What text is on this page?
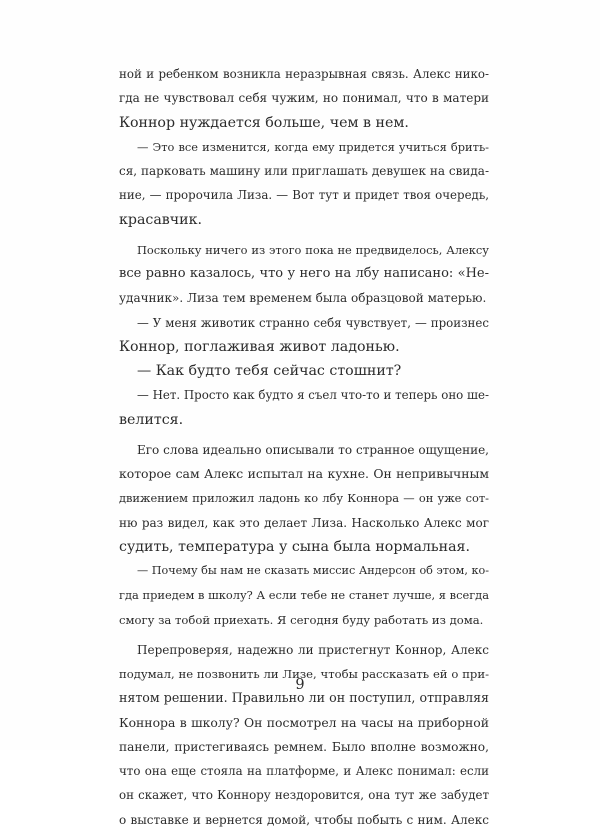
ной и ребенком возникла неразрывная связь. Алекс нико-
гда не чувствовал себя чужим, но понимал, что в матери
Коннор нуждается больше, чем в нем.
— Это все изменится, когда ему придется учиться брить-
ся, парковать машину или приглашать девушек на свида-
ние, — пророчила Лиза. — Вот тут и придет твоя очередь,
красавчик.
Поскольку ничего из этого пока не предвиделось, Алексу
все равно казалось, что у него на лбу написано: «Не-
удачник». Лиза тем временем была образцовой матерью.
— У меня животик странно себя чувствует, — произнес
Коннор, поглаживая живот ладонью.
— Как будто тебя сейчас стошнит?
— Нет. Просто как будто я съел что-то и теперь оно ше-
велится.
Его слова идеально описывали то странное ощущение,
которое сам Алекс испытал на кухне. Он непривычным
движением приложил ладонь ко лбу Коннора — он уже сот-
ню раз видел, как это делает Лиза. Насколько Алекс мог
судить, температура у сына была нормальная.
— Почему бы нам не сказать миссис Андерсон об этом, ко-
гда приедем в школу? А если тебе не станет лучше, я всегда
смогу за тобой приехать. Я сегодня буду работать из дома.
Перепроверяя, надежно ли пристегнут Коннор, Алекс
подумал, не позвонить ли Лизе, чтобы рассказать ей о при-
нятом решении. Правильно ли он поступил, отправляя
Коннора в школу? Он посмотрел на часы на приборной
панели, пристегиваясь ремнем. Было вполне возможно,
что она еще стояла на платформе, и Алекс понимал: если
он скажет, что Коннору нездоровится, она тут же забудет
о выставке и вернется домой, чтобы побыть с ним. Алекс
9
